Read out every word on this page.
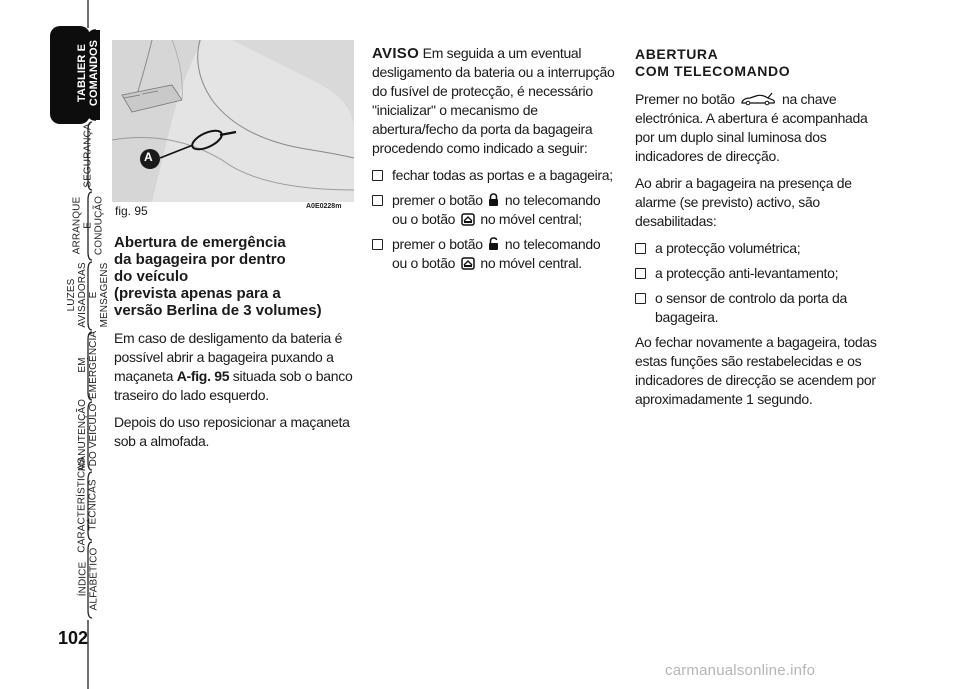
TABLIER E
COMANDOS
SEGURANÇA
ARRANQUE
E CONDUÇÃO
LUZES
AVISADORAS
E MENSAGENS
EM EMERGÊNCIA
MANUTENÇÃO
DO VEÍCULO
CARACTERÍSTICAS
TÉCNICAS
ÍNDICE
ALFABÉTICO
102
A
fig. 95	A0E0228m
Abertura de emergência
da bagageira por dentro
do veículo
(prevista apenas para a
versão Berlina de 3 volumes)

Em caso de desligamento da bateria é possível abrir a bagageira puxando a maçaneta A-fig. 95 situada sob o banco traseiro do lado esquerdo.

Depois do uso reposicionar a maçaneta sob a almofada.

AVISO Em seguida a um eventual desligamento da bateria ou a interrupção do fusível de protecção, é necessário "inicializar" o mecanismo de abertura/fecho da porta da bagageira procedendo como indicado a seguir:

fechar todas as portas e a bagageira;
premer o botão  no telecomando ou o botão  no móvel central;
premer o botão  no telecomando ou o botão  no móvel central.
ABERTURA
COM TELECOMANDO

Premer no botão	na chave electrónica. A abertura é acompanhada por um duplo sinal luminosa dos indicadores de direcção.

Ao abrir a bagageira na presença de alarme (se previsto) activo, são desabilitadas:

a protecção volumétrica;
a protecção anti-levantamento;
o sensor de controlo da porta da bagageira.

Ao fechar novamente a bagageira, todas estas funções são restabelecidas e os indicadores de direcção se acendem por aproximadamente 1 segundo.

carmanualsonline.info
